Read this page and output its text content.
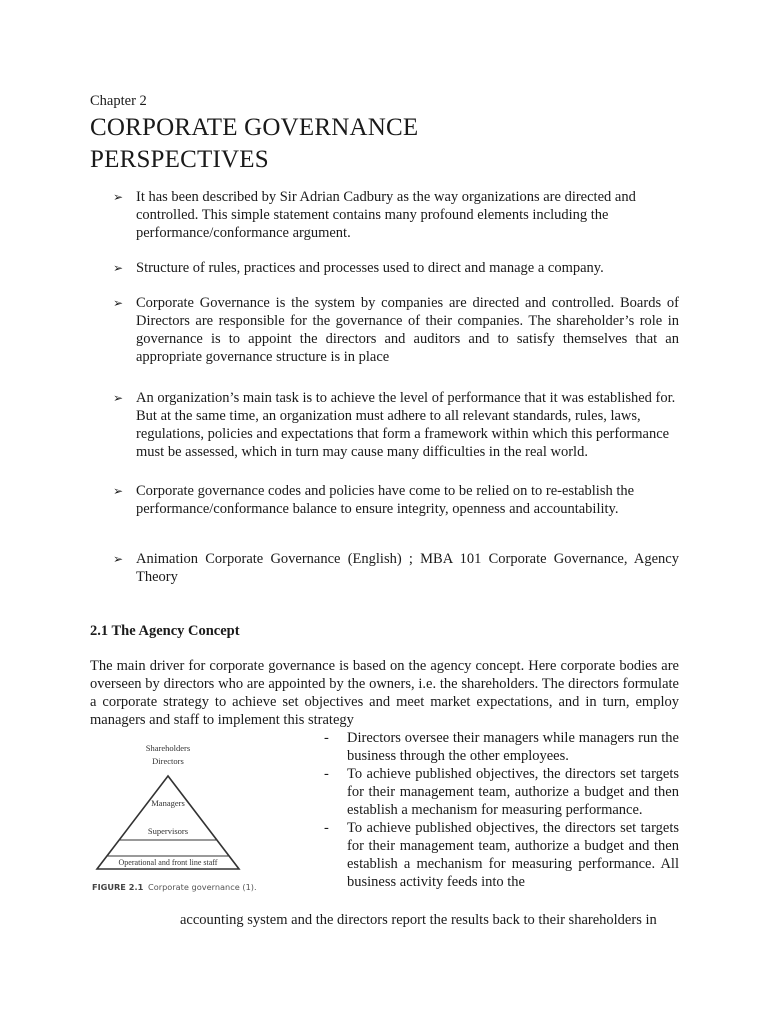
Chapter 2
CORPORATE GOVERNANCE
PERSPECTIVES
➢ It has been described by Sir Adrian Cadbury as the way organizations are directed and controlled. This simple statement contains many profound elements including the performance/conformance argument.
➢ Structure of rules, practices and processes used to direct and manage a company.
➢ Corporate Governance is the system by companies are directed and controlled. Boards of Directors are responsible for the governance of their companies. The shareholder’s role in governance is to appoint the directors and auditors and to satisfy themselves that an appropriate governance structure is in place
➢ An organization’s main task is to achieve the level of performance that it was established for. But at the same time, an organization must adhere to all relevant standards, rules, laws, regulations, policies and expectations that form a framework within which this performance must be assessed, which in turn may cause many difficulties in the real world.
➢ Corporate governance codes and policies have come to be relied on to re-establish the performance/conformance balance to ensure integrity, openness and accountability.
➢ Animation Corporate Governance (English) ; MBA 101 Corporate Governance, Agency Theory
2.1 The Agency Concept
The main driver for corporate governance is based on the agency concept. Here corporate bodies are overseen by directors who are appointed by the owners, i.e. the shareholders. The directors formulate a corporate strategy to achieve set objectives and meet market expectations, and in turn, employ managers and staff to implement this strategy
Shareholders
Directors
Managers
Supervisors
Operational and front line staff
FIGURE 2.1 Corporate governance (1).
- Directors oversee their managers while managers run the business through the other employees.
- To achieve published objectives, the directors set targets for their management team, authorize a budget and then establish a mechanism for measuring performance.
- To achieve published objectives, the directors set targets for their management team, authorize a budget and then establish a mechanism for measuring performance. All business activity feeds into the
accounting system and the directors report the results back to their shareholders in
